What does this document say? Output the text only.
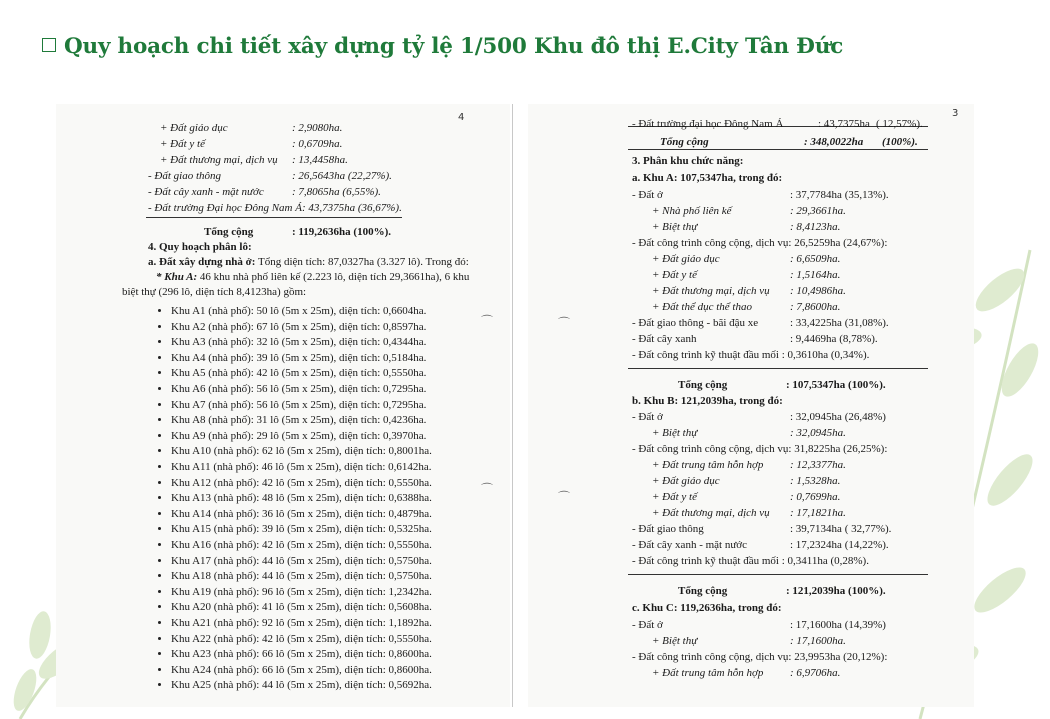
Quy hoạch chi tiết xây dựng tỷ lệ 1/500 Khu đô thị E.City Tân Đức
4
⌒
⌒
+ Đất giáo dục	: 2,9080ha.
+ Đất y tế	: 0,6709ha.
+ Đất thương mại, dịch vụ : 13,4458ha.
- Đất giao thông	: 26,5643ha (22,27%).
- Đất cây xanh - mặt nước	: 7,8065ha (6,55%).
- Đất trường Đại học Đông Nam Á: 43,7375ha (36,67%).
Tổng cộng	: 119,2636ha (100%).
4. Quy hoạch phân lô:
a. Đất xây dựng nhà ở: Tổng diện tích: 87,0327ha (3.327 lô). Trong đó:
* Khu A: 46 khu nhà phố liên kế (2.223 lô, diện tích 29,3661ha), 6 khu
biệt thự (296 lô, diện tích 8,4123ha) gồm:
Khu A1 (nhà phố): 50 lô (5m x 25m), diện tích: 0,6604ha.
Khu A2 (nhà phố): 67 lô (5m x 25m), diện tích: 0,8597ha.
Khu A3 (nhà phố): 32 lô (5m x 25m), diện tích: 0,4344ha.
Khu A4 (nhà phố): 39 lô (5m x 25m), diện tích: 0,5184ha.
Khu A5 (nhà phố): 42 lô (5m x 25m), diện tích: 0,5550ha.
Khu A6 (nhà phố): 56 lô (5m x 25m), diện tích: 0,7295ha.
Khu A7 (nhà phố): 56 lô (5m x 25m), diện tích: 0,7295ha.
Khu A8 (nhà phố): 31 lô (5m x 25m), diện tích: 0,4236ha.
Khu A9 (nhà phố): 29 lô (5m x 25m), diện tích: 0,3970ha.
Khu A10 (nhà phố): 62 lô (5m x 25m), diện tích: 0,8001ha.
Khu A11 (nhà phố): 46 lô (5m x 25m), diện tích: 0,6142ha.
Khu A12 (nhà phố): 42 lô (5m x 25m), diện tích: 0,5550ha.
Khu A13 (nhà phố): 48 lô (5m x 25m), diện tích: 0,6388ha.
Khu A14 (nhà phố): 36 lô (5m x 25m), diện tích: 0,4879ha.
Khu A15 (nhà phố): 39 lô (5m x 25m), diện tích: 0,5325ha.
Khu A16 (nhà phố): 42 lô (5m x 25m), diện tích: 0,5550ha.
Khu A17 (nhà phố): 44 lô (5m x 25m), diện tích: 0,5750ha.
Khu A18 (nhà phố): 44 lô (5m x 25m), diện tích: 0,5750ha.
Khu A19 (nhà phố): 96 lô (5m x 25m), diện tích: 1,2342ha.
Khu A20 (nhà phố): 41 lô (5m x 25m), diện tích: 0,5608ha.
Khu A21 (nhà phố): 92 lô (5m x 25m), diện tích: 1,1892ha.
Khu A22 (nhà phố): 42 lô (5m x 25m), diện tích: 0,5550ha.
Khu A23 (nhà phố): 66 lô (5m x 25m), diện tích: 0,8600ha.
Khu A24 (nhà phố): 66 lô (5m x 25m), diện tích: 0,8600ha.
Khu A25 (nhà phố): 44 lô (5m x 25m), diện tích: 0,5692ha.
3
⌒
⌒
- Đất trường đại học Đông Nam Á	: 43,7375ha ( 12,57%).
Tổng cộng	: 348,0022ha (100%).
3. Phân khu chức năng:
a. Khu A: 107,5347ha, trong đó:
- Đất ở	: 37,7784ha (35,13%).
+ Nhà phố liên kế	: 29,3661ha.
+ Biệt thự	: 8,4123ha.
- Đất công trình công cộng, dịch vụ: 26,5259ha (24,67%):
+ Đất giáo dục	: 6,6509ha.
+ Đất y tế	: 1,5164ha.
+ Đất thương mại, dịch vụ : 10,4986ha.
+ Đất thể dục thể thao	: 7,8600ha.
- Đất giao thông - bãi đậu xe	: 33,4225ha (31,08%).
- Đất cây xanh	: 9,4469ha (8,78%).
- Đất công trình kỹ thuật đầu mối : 0,3610ha (0,34%).
Tổng cộng	: 107,5347ha (100%).
b. Khu B: 121,2039ha, trong đó:
- Đất ở	: 32,0945ha (26,48%)
+ Biệt thự	: 32,0945ha.
- Đất công trình công cộng, dịch vụ: 31,8225ha (26,25%):
+ Đất trung tâm hỗn hợp : 12,3377ha.
+ Đất giáo dục	: 1,5328ha.
+ Đất y tế	: 0,7699ha.
+ Đất thương mại, dịch vụ : 17,1821ha.
- Đất giao thông	: 39,7134ha ( 32,77%).
- Đất cây xanh - mặt nước	: 17,2324ha (14,22%).
- Đất công trình kỹ thuật đầu mối : 0,3411ha (0,28%).
Tổng cộng	: 121,2039ha (100%).
c. Khu C: 119,2636ha, trong đó:
- Đất ở	: 17,1600ha (14,39%)
+ Biệt thự	: 17,1600ha.
- Đất công trình công cộng, dịch vụ: 23,9953ha (20,12%):
+ Đất trung tâm hỗn hợp : 6,9706ha.
